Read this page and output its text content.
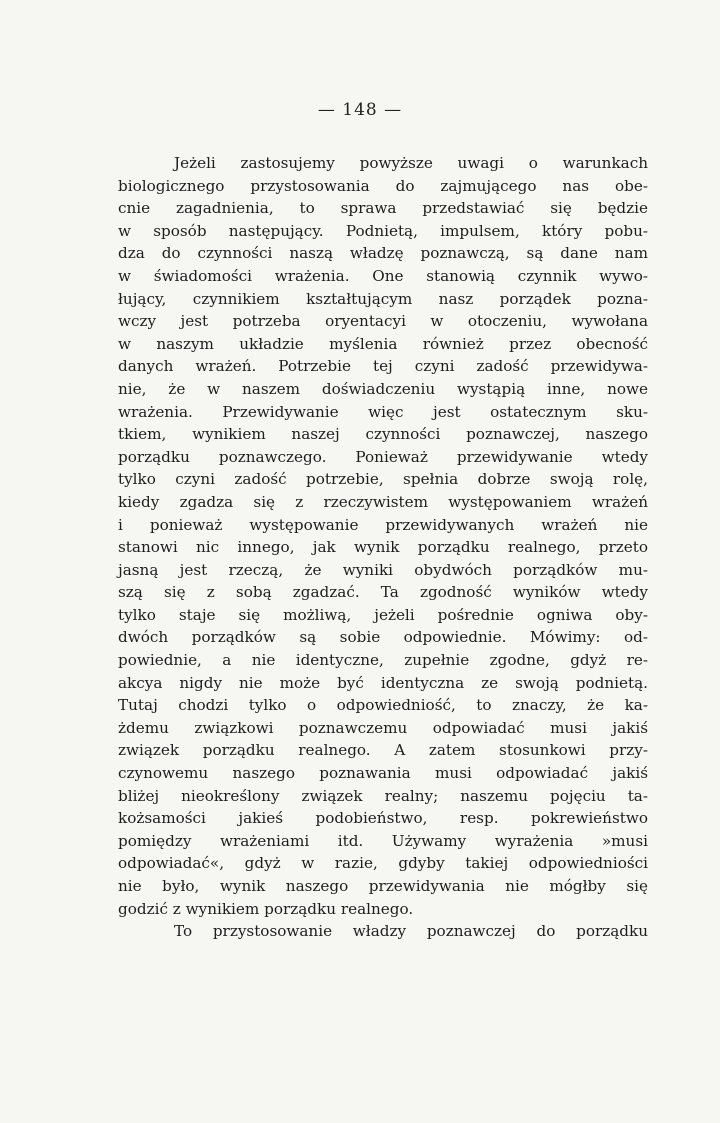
— 148 —
Jeżeli zastosujemy powyższe uwagi o warunkach
biologicznego przystosowania do zajmującego nas obe-
cnie zagadnienia, to sprawa przedstawiać się będzie
w sposób następujący. Podnietą, impulsem, który pobu-
dza do czynności naszą władzę poznawczą, są dane nam
w świadomości wrażenia. One stanowią czynnik wywo-
łujący, czynnikiem kształtującym nasz porządek pozna-
wczy jest potrzeba oryentacyi w otoczeniu, wywołana
w naszym układzie myślenia również przez obecność
danych wrażeń. Potrzebie tej czyni zadość przewidywa-
nie, że w naszem doświadczeniu wystąpią inne, nowe
wrażenia. Przewidywanie więc jest ostatecznym sku-
tkiem, wynikiem naszej czynności poznawczej, naszego
porządku poznawczego. Ponieważ przewidywanie wtedy
tylko czyni zadość potrzebie, spełnia dobrze swoją rolę,
kiedy zgadza się z rzeczywistem występowaniem wrażeń
i ponieważ występowanie przewidywanych wrażeń nie
stanowi nic innego, jak wynik porządku realnego, przeto
jasną jest rzeczą, że wyniki obydwóch porządków mu-
szą się z sobą zgadzać. Ta zgodność wyników wtedy
tylko staje się możliwą, jeżeli pośrednie ogniwa oby-
dwóch porządków są sobie odpowiednie. Mówimy: od-
powiednie, a nie identyczne, zupełnie zgodne, gdyż re-
akcya nigdy nie może być identyczna ze swoją podnietą.
Tutaj chodzi tylko o odpowiedniość, to znaczy, że ka-
żdemu związkowi poznawczemu odpowiadać musi jakiś
związek porządku realnego. A zatem stosunkowi przy-
czynowemu naszego poznawania musi odpowiadać jakiś
bliżej nieokreślony związek realny; naszemu pojęciu ta-
kożsamości jakieś podobieństwo, resp. pokrewieństwo
pomiędzy wrażeniami itd. Używamy wyrażenia »musi
odpowiadać«, gdyż w razie, gdyby takiej odpowiedniości
nie było, wynik naszego przewidywania nie mógłby się
godzić z wynikiem porządku realnego.
To przystosowanie władzy poznawczej do porządku
